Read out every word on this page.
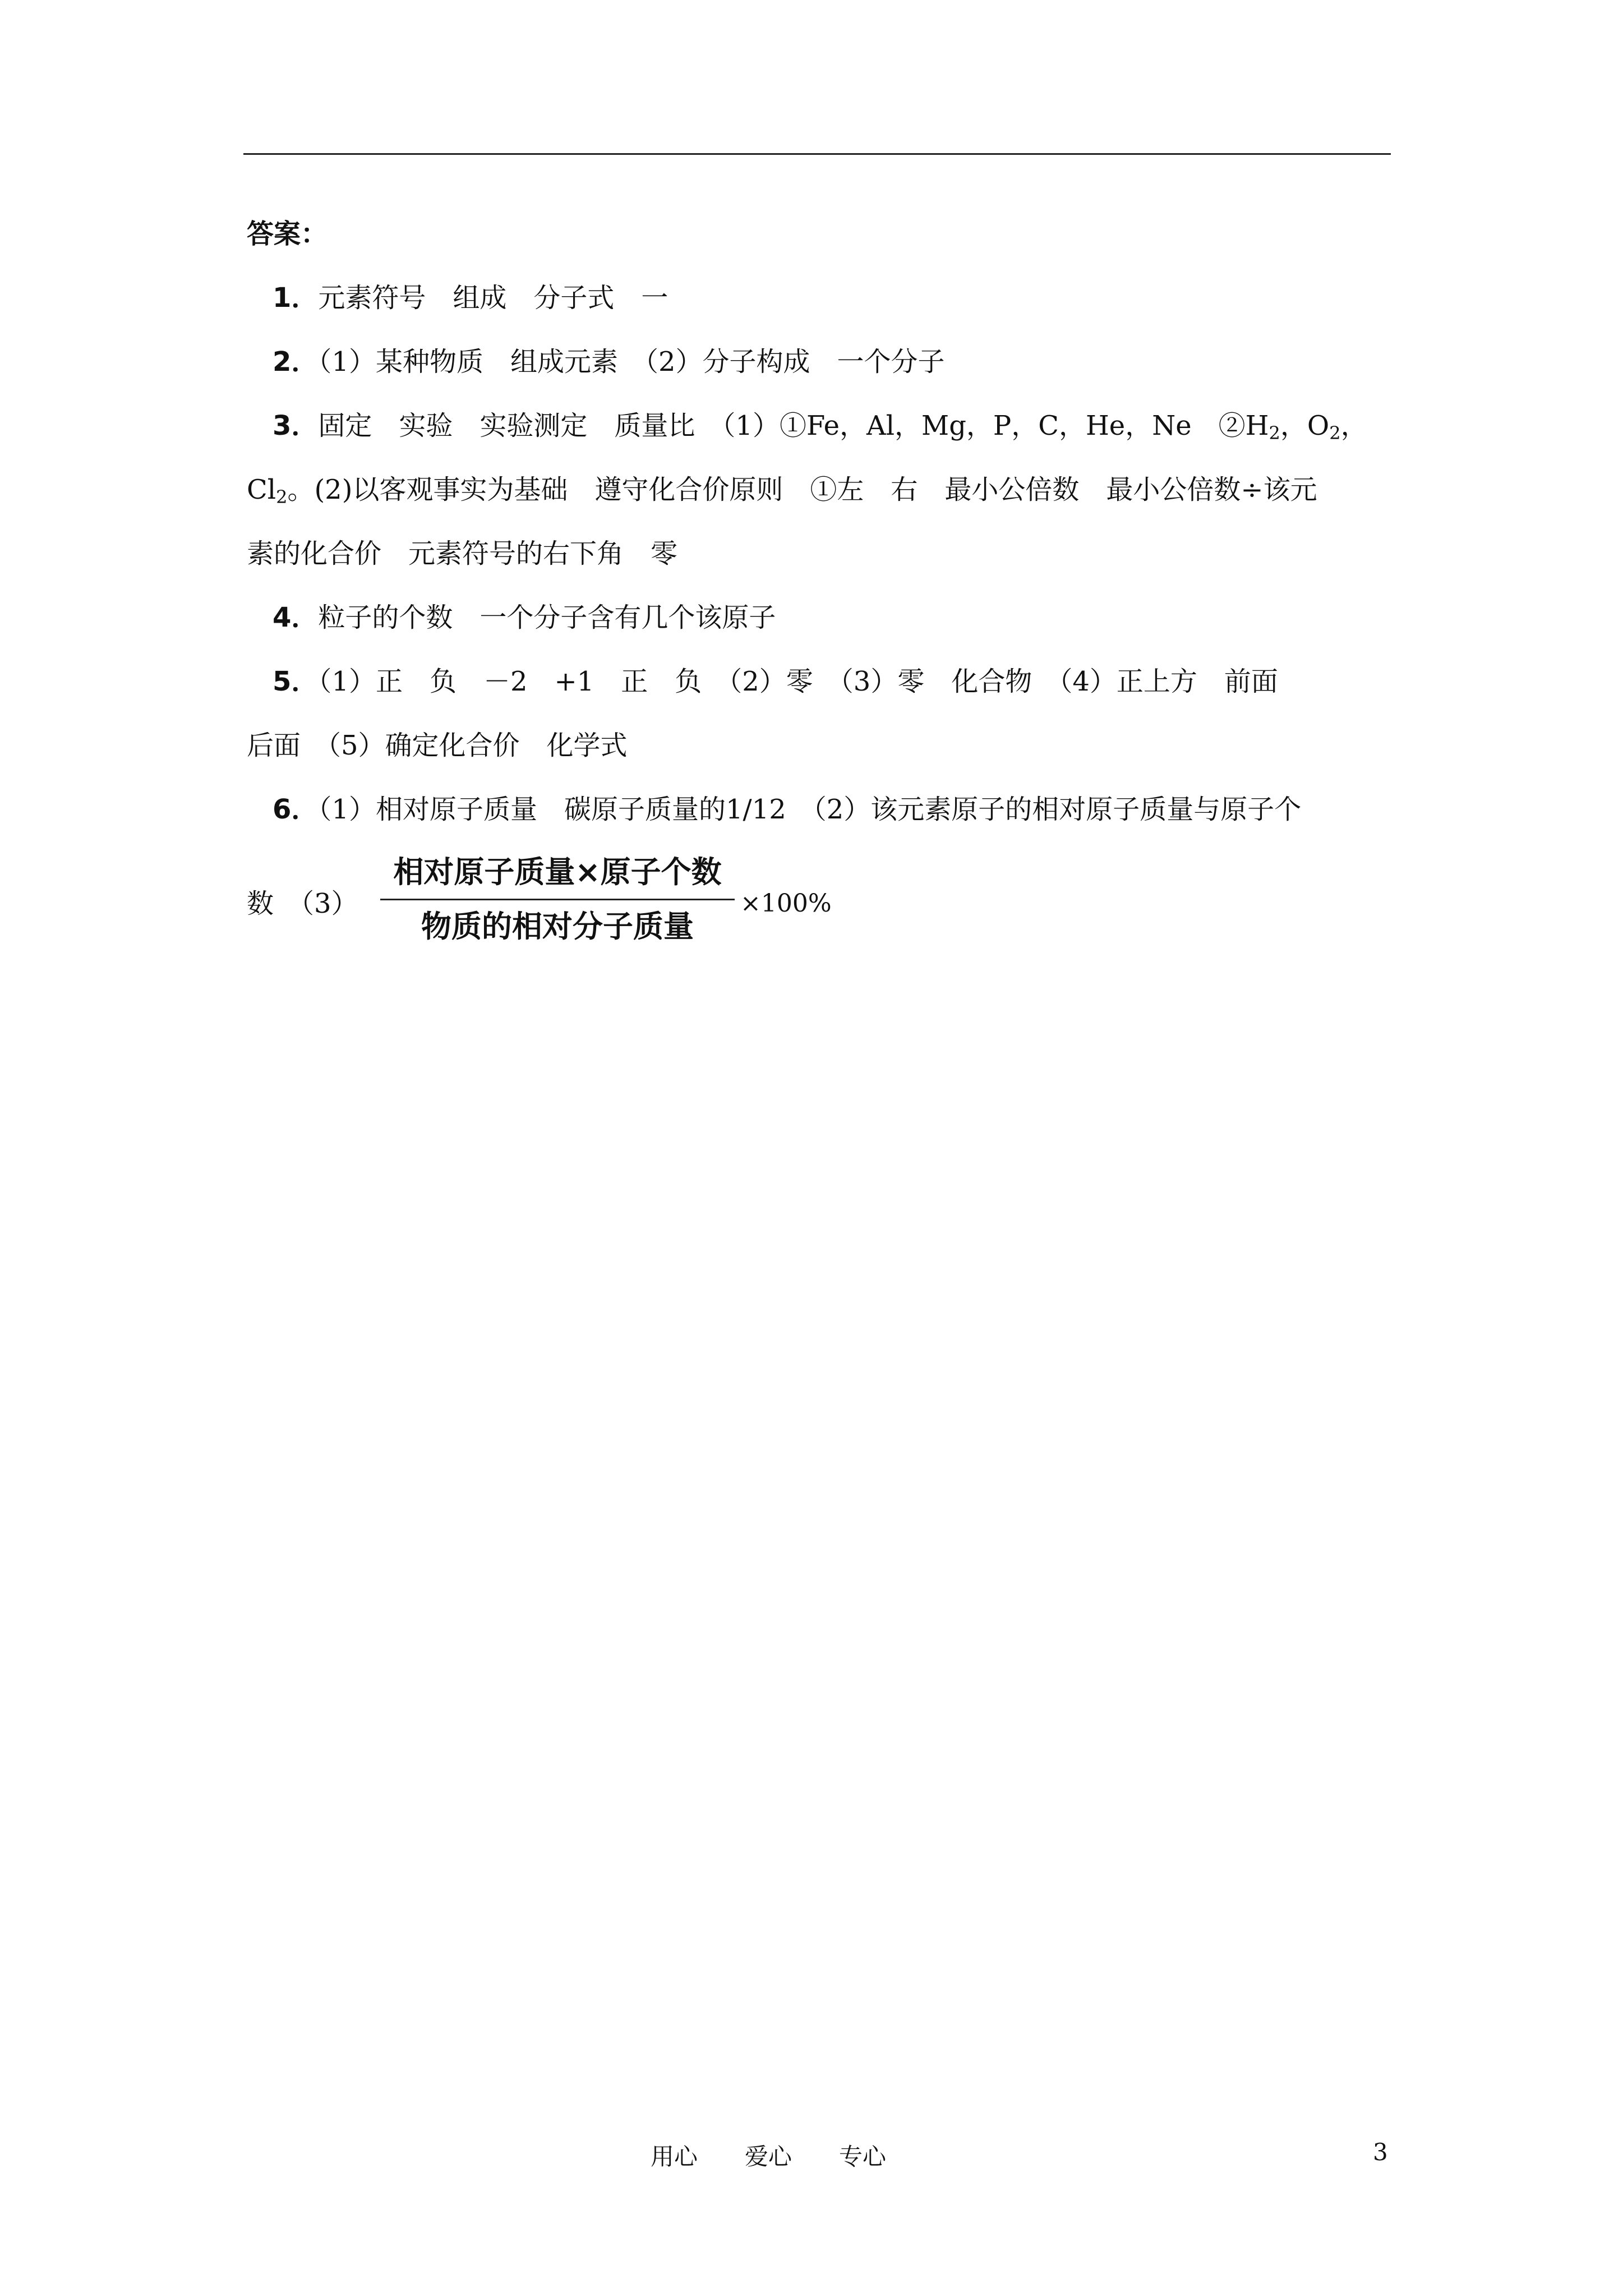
答案：
1．元素符号　组成　分子式　一
2．（1）某种物质　组成元素　（2）分子构成　一个分子
3．固定　实验　实验测定　质量比　（1）①Fe，Al，Mg，P，C，He，Ne　$②H_2$，$O_2$，
$Cl_2$。(2)以客观事实为基础　遵守化合价原则　①左　右　最小公倍数　最小公倍数÷该元
素的化合价　元素符号的右下角　零
4．粒子的个数　一个分子含有几个该原子
5．（1）正　负　－2　+1　正　负　（2）零　（3）零　化合物　（4）正上方　前面
后面　（5）确定化合价　化学式
6．（1）相对原子质量　碳原子质量的1/12　（2）该元素原子的相对原子质量与原子个
数　（3）
相对原子质量×原子个数
物质的相对分子质量
×100%
用心　　爱心　　专心	3
